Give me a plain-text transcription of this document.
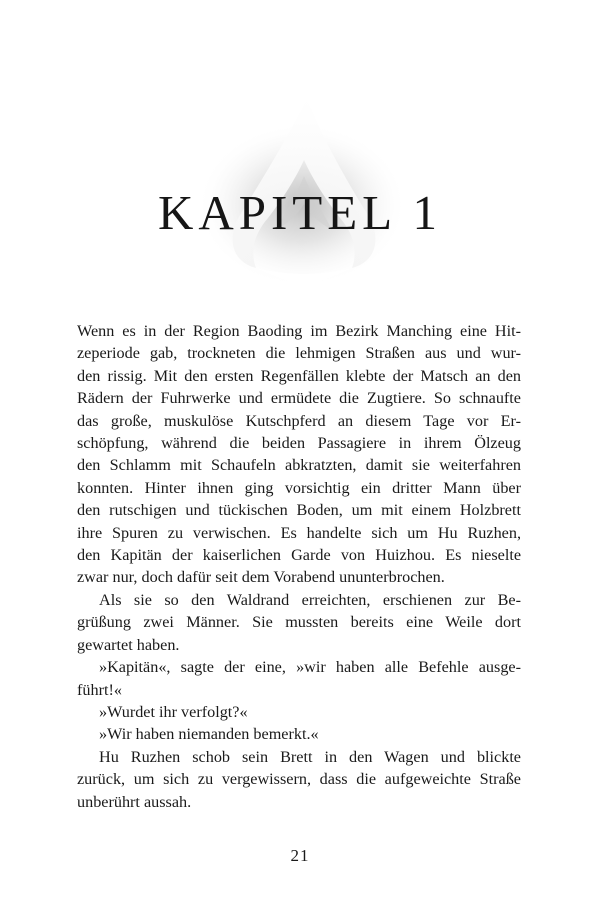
KAPITEL 1
Wenn es in der Region Baoding im Bezirk Manching eine Hit-
zeperiode gab, trockneten die lehmigen Straßen aus und wur-
den rissig. Mit den ersten Regenfällen klebte der Matsch an den
Rädern der Fuhrwerke und ermüdete die Zugtiere. So schnaufte
das große, muskulöse Kutschpferd an diesem Tage vor Er-
schöpfung, während die beiden Passagiere in ihrem Ölzeug
den Schlamm mit Schaufeln abkratzten, damit sie weiterfahren
konnten. Hinter ihnen ging vorsichtig ein dritter Mann über
den rutschigen und tückischen Boden, um mit einem Holzbrett
ihre Spuren zu verwischen. Es handelte sich um Hu Ruzhen,
den Kapitän der kaiserlichen Garde von Huizhou. Es nieselte
zwar nur, doch dafür seit dem Vorabend ununterbrochen.
Als sie so den Waldrand erreichten, erschienen zur Be-
grüßung zwei Männer. Sie mussten bereits eine Weile dort
gewartet haben.
»Kapitän«, sagte der eine, »wir haben alle Befehle ausge-
führt!«
»Wurdet ihr verfolgt?«
»Wir haben niemanden bemerkt.«
Hu Ruzhen schob sein Brett in den Wagen und blickte
zurück, um sich zu vergewissern, dass die aufgeweichte Straße
unberührt aussah.
21
